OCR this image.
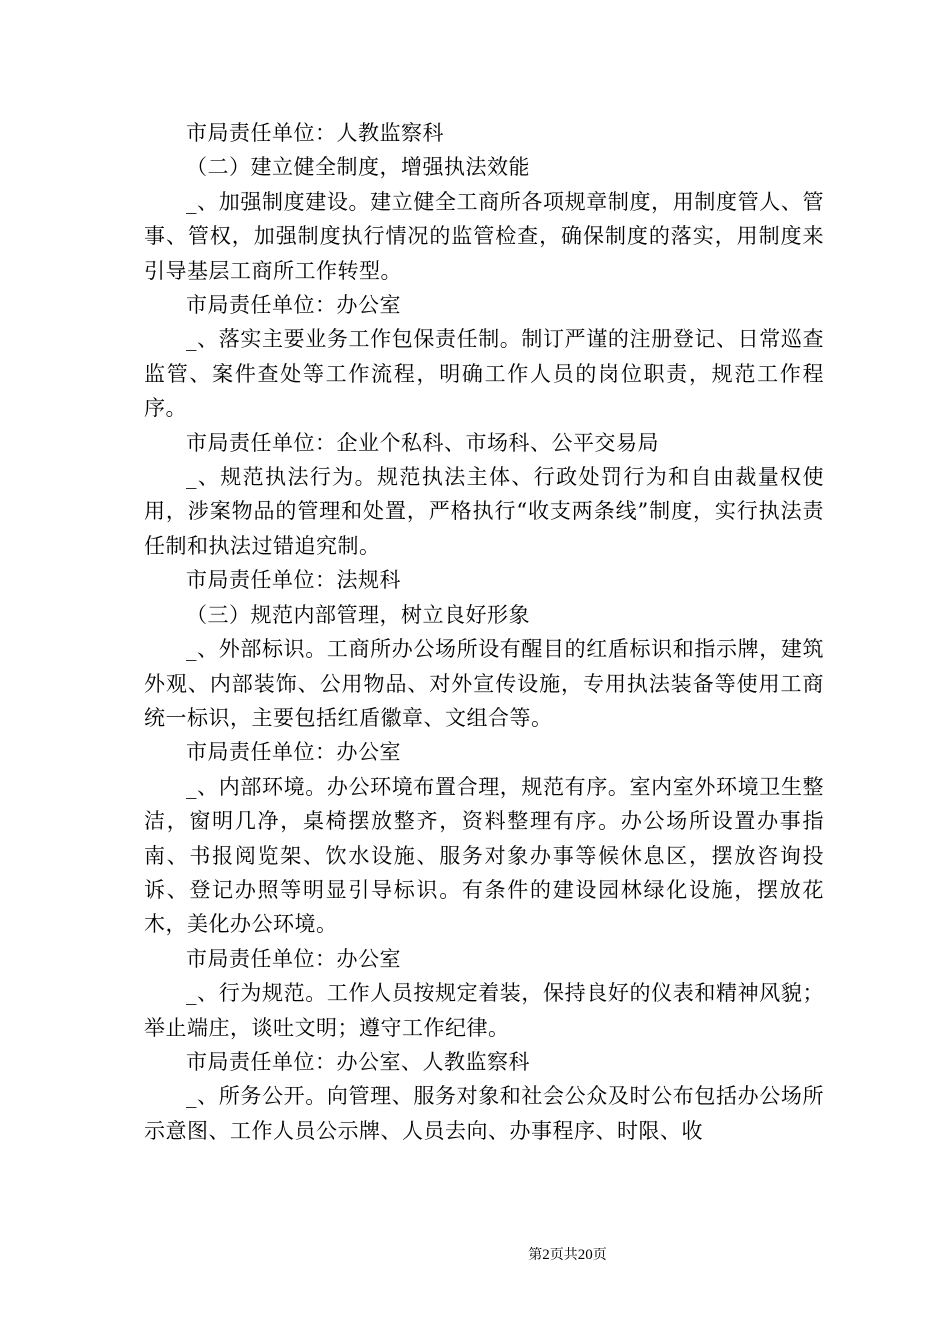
市局责任单位：人教监察科

（二）建立健全制度，增强执法效能

_、加强制度建设。建立健全工商所各项规章制度，用制度管人、管事、管权，加强制度执行情况的监管检查，确保制度的落实，用制度来引导基层工商所工作转型。

市局责任单位：办公室

_、落实主要业务工作包保责任制。制订严谨的注册登记、日常巡查监管、案件查处等工作流程，明确工作人员的岗位职责，规范工作程序。

市局责任单位：企业个私科、市场科、公平交易局

_、规范执法行为。规范执法主体、行政处罚行为和自由裁量权使用，涉案物品的管理和处置，严格执行“收支两条线”制度，实行执法责任制和执法过错追究制。

市局责任单位：法规科

（三）规范内部管理，树立良好形象

_、外部标识。工商所办公场所设有醒目的红盾标识和指示牌，建筑外观、内部装饰、公用物品、对外宣传设施，专用执法装备等使用工商统一标识，主要包括红盾徽章、文组合等。

市局责任单位：办公室

_、内部环境。办公环境布置合理，规范有序。室内室外环境卫生整洁，窗明几净，桌椅摆放整齐，资料整理有序。办公场所设置办事指南、书报阅览架、饮水设施、服务对象办事等候休息区，摆放咨询投诉、登记办照等明显引导标识。有条件的建设园林绿化设施，摆放花木，美化办公环境。

市局责任单位：办公室

_、行为规范。工作人员按规定着装，保持良好的仪表和精神风貌；举止端庄，谈吐文明；遵守工作纪律。

市局责任单位：办公室、人教监察科

_、所务公开。向管理、服务对象和社会公众及时公布包括办公场所示意图、工作人员公示牌、人员去向、办事程序、时限、收

第2页共20页
